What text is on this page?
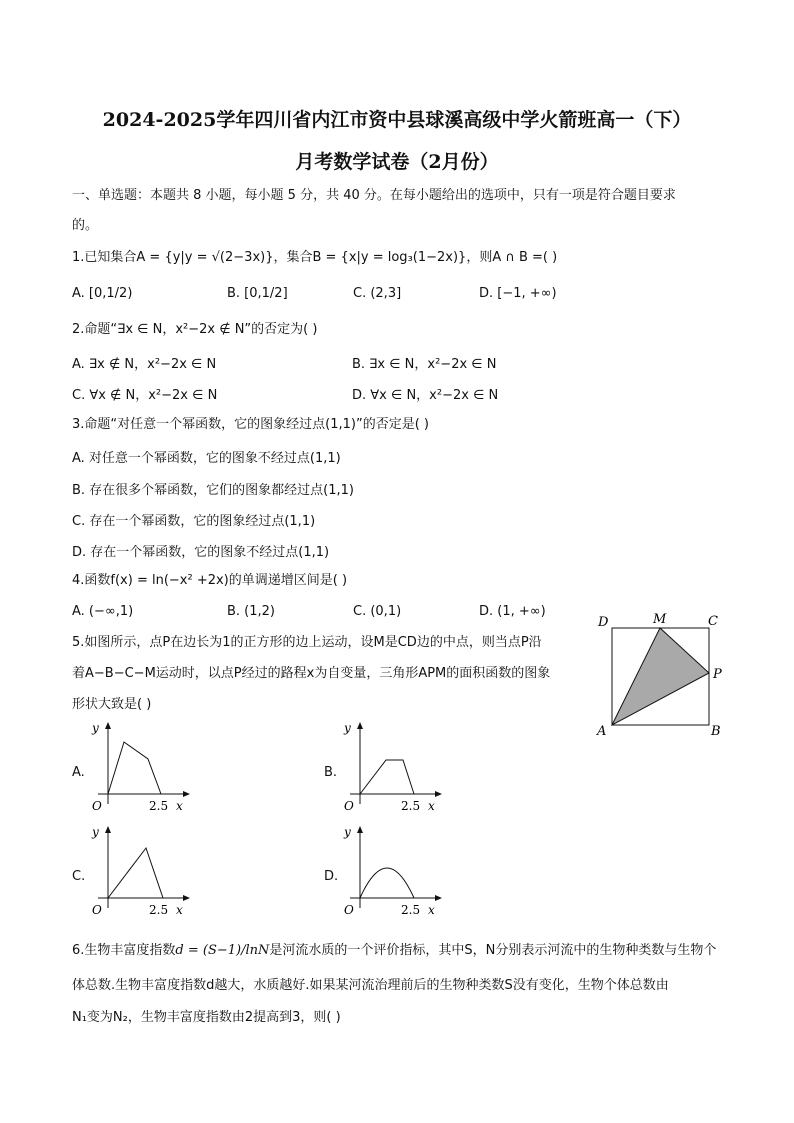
2024-2025学年四川省内江市资中县球溪高级中学火箭班高一（下）
月考数学试卷（2月份）
一、单选题：本题共 8 小题，每小题 5 分，共 40 分。在每小题给出的选项中，只有一项是符合题目要求
的。
1.已知集合A = {y|y = √(2−3x)}，集合B = {x|y = log₃(1−2x)}，则A ∩ B =( )
A. [0,1/2)	B. [0,1/2]	C. (2,3]	D. [−1, +∞)
2.命题“∃x ∈ N，x²−2x ∉ N”的否定为( )
A. ∃x ∉ N，x²−2x ∈ N	B. ∃x ∈ N，x²−2x ∈ N
C. ∀x ∉ N，x²−2x ∈ N	D. ∀x ∈ N，x²−2x ∈ N
3.命题“对任意一个幂函数，它的图象经过点(1,1)”的否定是( )
A. 对任意一个幂函数，它的图象不经过点(1,1)
B. 存在很多个幂函数，它们的图象都经过点(1,1)
C. 存在一个幂函数，它的图象经过点(1,1)
D. 存在一个幂函数，它的图象不经过点(1,1)
4.函数f(x) = ln(−x² +2x)的单调递增区间是( )
A. (−∞,1)	B. (1,2)	C. (0,1)	D. (1, +∞)
5.如图所示，点P在边长为1的正方形的边上运动，设M是CD边的中点，则当点P沿
着A−B−C−M运动时，以点P经过的路程x为自变量，三角形APM的面积函数的图象
形状大致是( )
D	M	C
P
A	B
A.
y
O	2.5 x
B.
y
O	2.5 x
C.
y
O	2.5 x
D.
y
O	2.5 x
6.生物丰富度指数d = (S−1)/lnN是河流水质的一个评价指标，其中S，N分别表示河流中的生物种类数与生物个
体总数.生物丰富度指数d越大，水质越好.如果某河流治理前后的生物种类数S没有变化，生物个体总数由
N₁变为N₂，生物丰富度指数由2提高到3，则( )
